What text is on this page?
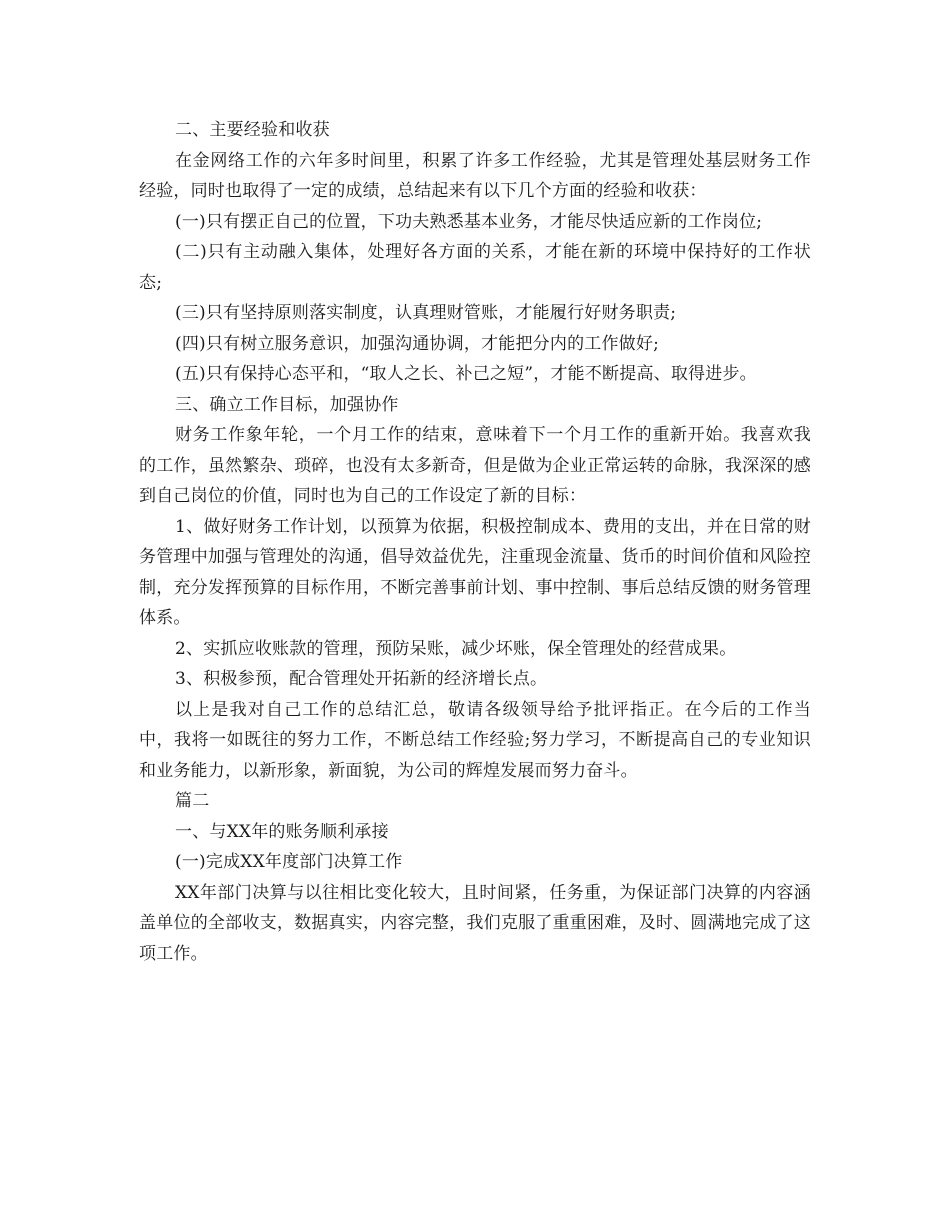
二、主要经验和收获

在金网络工作的六年多时间里，积累了许多工作经验，尤其是管理处基层财务工作经验，同时也取得了一定的成绩，总结起来有以下几个方面的经验和收获：

(一)只有摆正自己的位置，下功夫熟悉基本业务，才能尽快适应新的工作岗位;

(二)只有主动融入集体，处理好各方面的关系，才能在新的环境中保持好的工作状态;

(三)只有坚持原则落实制度，认真理财管账，才能履行好财务职责;

(四)只有树立服务意识，加强沟通协调，才能把分内的工作做好;

(五)只有保持心态平和，“取人之长、补己之短”，才能不断提高、取得进步。

三、确立工作目标，加强协作

财务工作象年轮，一个月工作的结束，意味着下一个月工作的重新开始。我喜欢我的工作，虽然繁杂、琐碎，也没有太多新奇，但是做为企业正常运转的命脉，我深深的感到自己岗位的价值，同时也为自己的工作设定了新的目标：

1、做好财务工作计划，以预算为依据，积极控制成本、费用的支出，并在日常的财务管理中加强与管理处的沟通，倡导效益优先，注重现金流量、货币的时间价值和风险控制，充分发挥预算的目标作用，不断完善事前计划、事中控制、事后总结反馈的财务管理体系。

2、实抓应收账款的管理，预防呆账，减少坏账，保全管理处的经营成果。

3、积极参预，配合管理处开拓新的经济增长点。

以上是我对自己工作的总结汇总，敬请各级领导给予批评指正。在今后的工作当中，我将一如既往的努力工作，不断总结工作经验;努力学习，不断提高自己的专业知识和业务能力，以新形象，新面貌，为公司的辉煌发展而努力奋斗。

篇二

一、与XX年的账务顺利承接

(一)完成XX年度部门决算工作

XX年部门决算与以往相比变化较大，且时间紧，任务重，为保证部门决算的内容涵盖单位的全部收支，数据真实，内容完整，我们克服了重重困难，及时、圆满地完成了这项工作。
